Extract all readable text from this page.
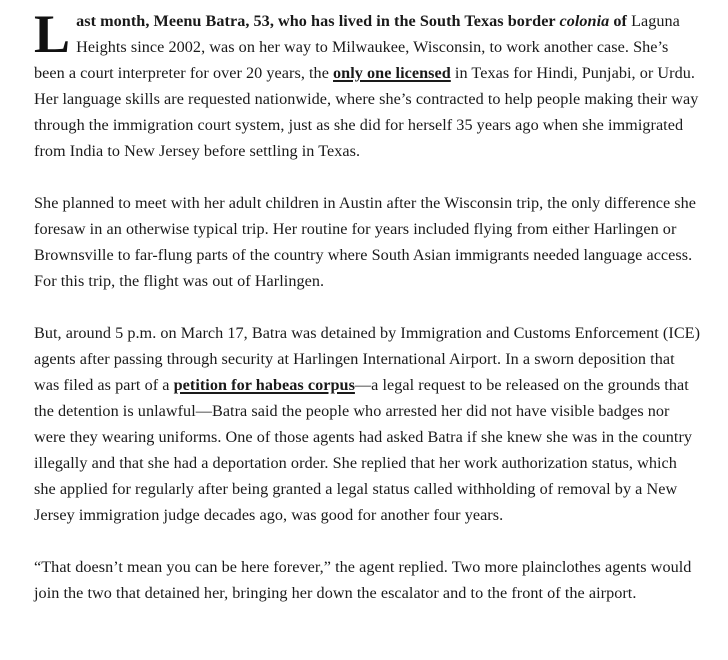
Last month, Meenu Batra, 53, who has lived in the South Texas border colonia of Laguna Heights since 2002, was on her way to Milwaukee, Wisconsin, to work another case. She’s been a court interpreter for over 20 years, the only one licensed in Texas for Hindi, Punjabi, or Urdu. Her language skills are requested nationwide, where she’s contracted to help people making their way through the immigration court system, just as she did for herself 35 years ago when she immigrated from India to New Jersey before settling in Texas.

She planned to meet with her adult children in Austin after the Wisconsin trip, the only difference she foresaw in an otherwise typical trip. Her routine for years included flying from either Harlingen or Brownsville to far-flung parts of the country where South Asian immigrants needed language access. For this trip, the flight was out of Harlingen.

But, around 5 p.m. on March 17, Batra was detained by Immigration and Customs Enforcement (ICE) agents after passing through security at Harlingen International Airport. In a sworn deposition that was filed as part of a petition for habeas corpus—a legal request to be released on the grounds that the detention is unlawful—Batra said the people who arrested her did not have visible badges nor were they wearing uniforms. One of those agents had asked Batra if she knew she was in the country illegally and that she had a deportation order. She replied that her work authorization status, which she applied for regularly after being granted a legal status called withholding of removal by a New Jersey immigration judge decades ago, was good for another four years.

“That doesn’t mean you can be here forever,” the agent replied. Two more plainclothes agents would join the two that detained her, bringing her down the escalator and to the front of the airport.
